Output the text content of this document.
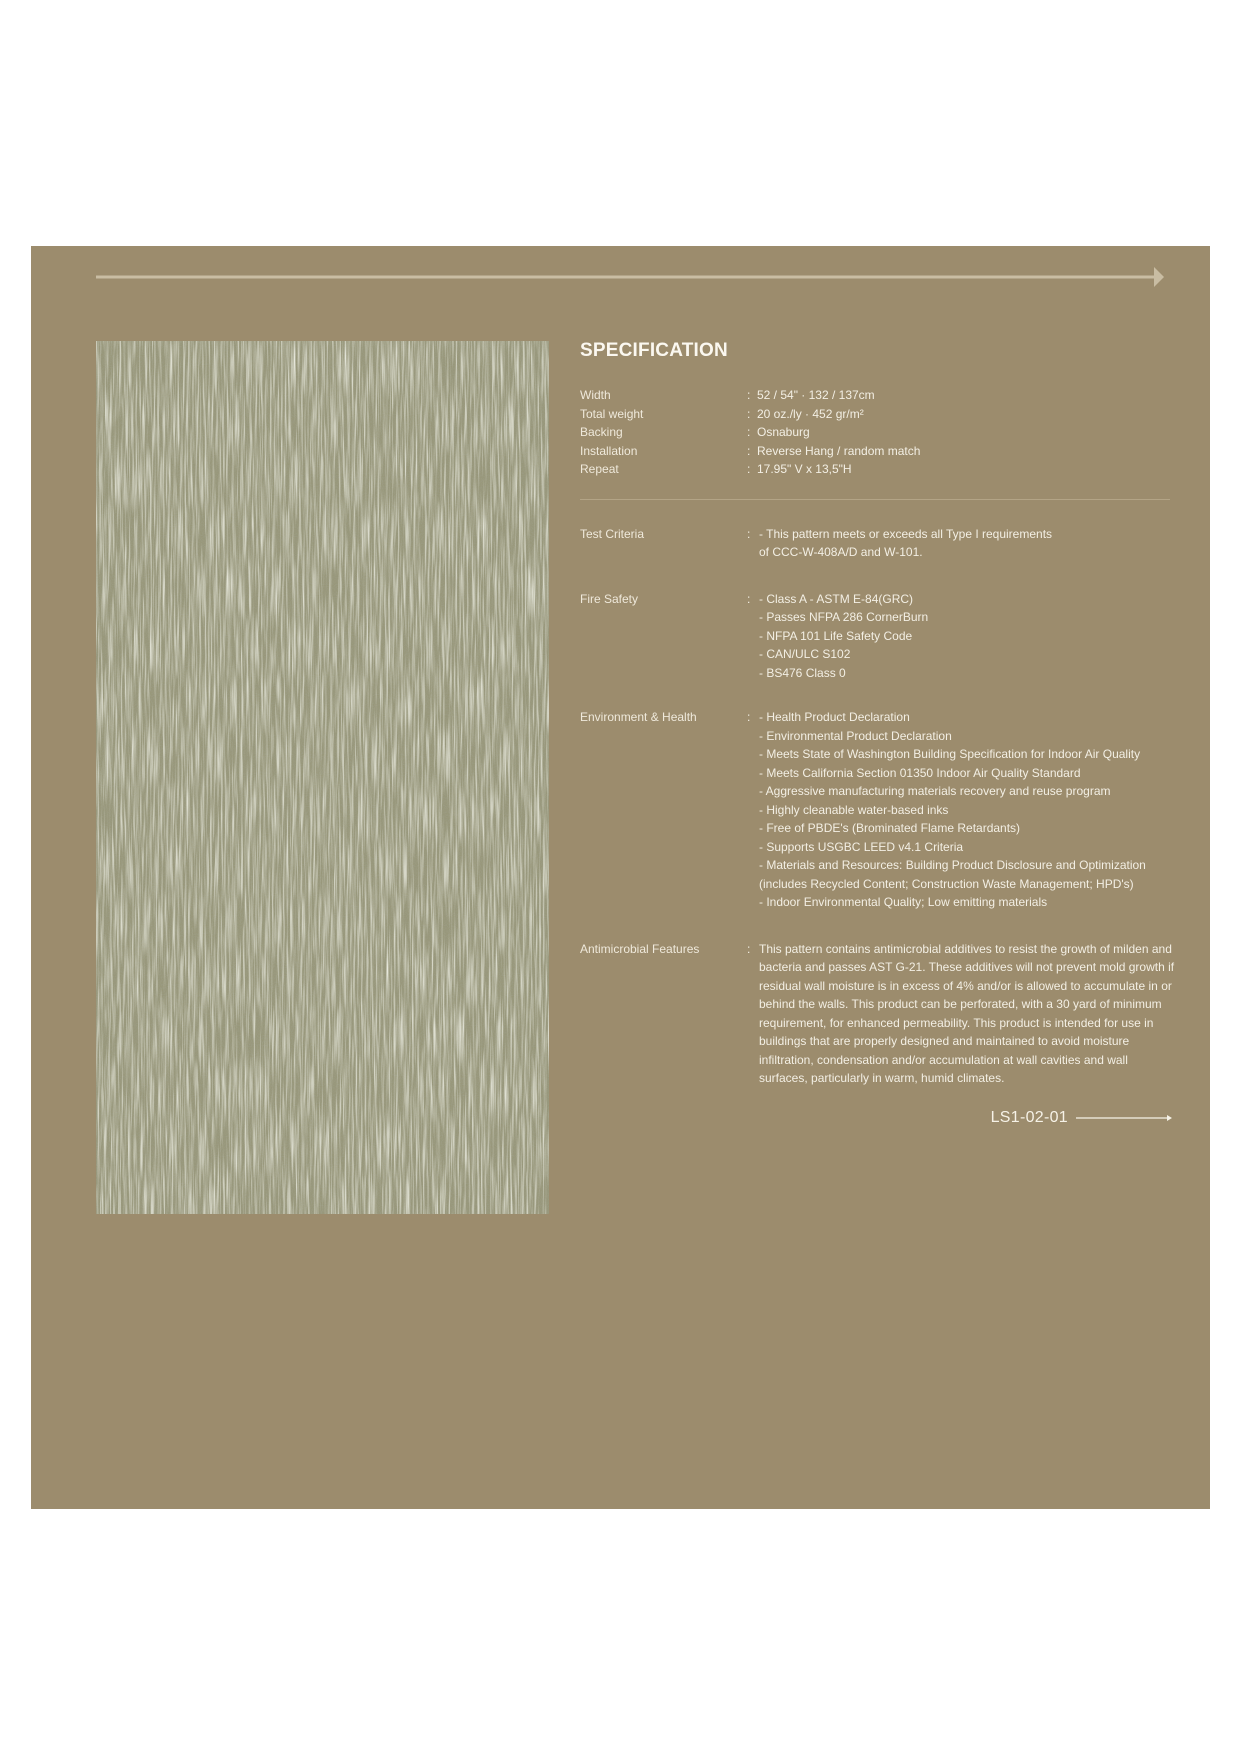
SPECIFICATION
Width	: 52 / 54" · 132 / 137cm
Total weight	: 20 oz./ly · 452 gr/m²
Backing	: Osnaburg
Installation	: Reverse Hang / random match
Repeat	: 17.95" V x 13,5"H
Test Criteria	: - This pattern meets or exceeds all Type I requirements
of CCC-W-408A/D and W-101.
Fire Safety	: - Class A - ASTM E-84(GRC)
- Passes NFPA 286 CornerBurn
- NFPA 101 Life Safety Code
- CAN/ULC S102
- BS476 Class 0
Environment & Health	: - Health Product Declaration
- Environmental Product Declaration
- Meets State of Washington Building Specification for Indoor Air Quality
- Meets California Section 01350 Indoor Air Quality Standard
- Aggressive manufacturing materials recovery and reuse program
- Highly cleanable water-based inks
- Free of PBDE's (Brominated Flame Retardants)
- Supports USGBC LEED v4.1 Criteria
- Materials and Resources: Building Product Disclosure and Optimization
(includes Recycled Content; Construction Waste Management; HPD's)
- Indoor Environmental Quality; Low emitting materials
Antimicrobial Features	: This pattern contains antimicrobial additives to resist the growth of milden and bacteria and passes AST G-21. These additives will not prevent mold growth if residual wall moisture is in excess of 4% and/or is allowed to accumulate in or behind the walls. This product can be perforated, with a 30 yard of minimum requirement, for enhanced permeability. This product is intended for use in buildings that are properly designed and maintained to avoid moisture infiltration, condensation and/or accumulation at wall cavities and wall surfaces, particularly in warm, humid climates.
LS1-02-01
